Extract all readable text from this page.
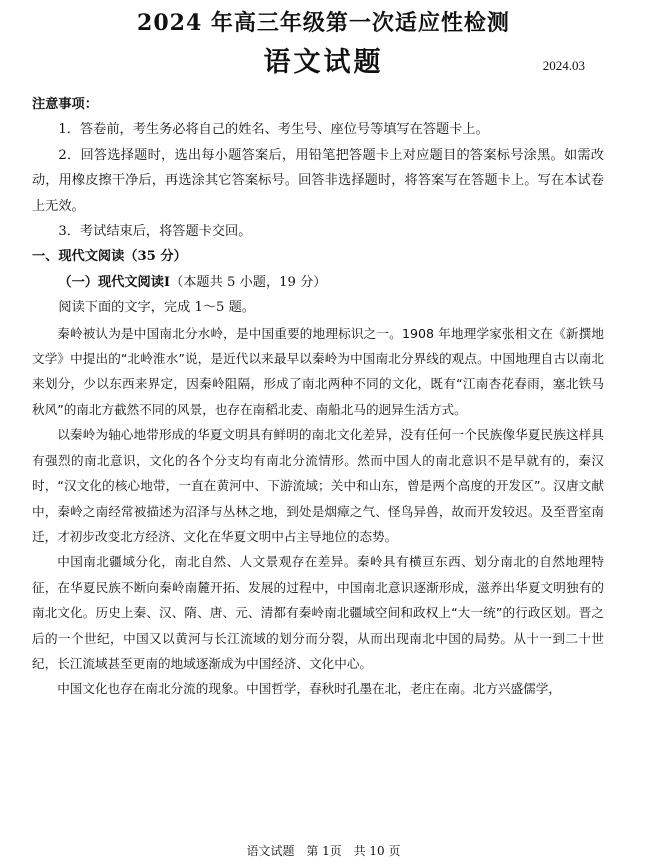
2024 年高三年级第一次适应性检测
语文试题	2024.03

注意事项：

1．答卷前，考生务必将自己的姓名、考生号、座位号等填写在答题卡上。

2．回答选择题时，选出每小题答案后，用铅笔把答题卡上对应题目的答案标号涂黑。如需改动，用橡皮擦干净后，再选涂其它答案标号。回答非选择题时，将答案写在答题卡上。写在本试卷上无效。

3．考试结束后，将答题卡交回。

一、现代文阅读（35 分）

（一）现代文阅读Ⅰ（本题共 5 小题，19 分）

阅读下面的文字，完成 1～5 题。

秦岭被认为是中国南北分水岭，是中国重要的地理标识之一。1908 年地理学家张相文在《新撰地文学》中提出的“北岭淮水”说，是近代以来最早以秦岭为中国南北分界线的观点。中国地理自古以南北来划分，少以东西来界定，因秦岭阻隔，形成了南北两种不同的文化，既有“江南杏花春雨，塞北铁马秋风”的南北方截然不同的风景，也存在南稻北麦、南船北马的迥异生活方式。

以秦岭为轴心地带形成的华夏文明具有鲜明的南北文化差异，没有任何一个民族像华夏民族这样具有强烈的南北意识，文化的各个分支均有南北分流情形。然而中国人的南北意识不是早就有的，秦汉时，“汉文化的核心地带，一直在黄河中、下游流域；关中和山东，曾是两个高度的开发区”。汉唐文献中，秦岭之南经常被描述为沼泽与丛林之地，到处是烟瘴之气、怪鸟异兽，故而开发较迟。及至晋室南迁，才初步改变北方经济、文化在华夏文明中占主导地位的态势。

中国南北疆域分化，南北自然、人文景观存在差异。秦岭具有横亘东西、划分南北的自然地理特征，在华夏民族不断向秦岭南麓开拓、发展的过程中，中国南北意识逐渐形成，滋养出华夏文明独有的南北文化。历史上秦、汉、隋、唐、元、清都有秦岭南北疆域空间和政权上“大一统”的行政区划。晋之后的一个世纪，中国又以黄河与长江流域的划分而分裂，从而出现南北中国的局势。从十一到二十世纪，长江流域甚至更南的地域逐渐成为中国经济、文化中心。

中国文化也存在南北分流的现象。中国哲学，春秋时孔墨在北，老庄在南。北方兴盛儒学，

语文试题 第 1页 共 10 页
